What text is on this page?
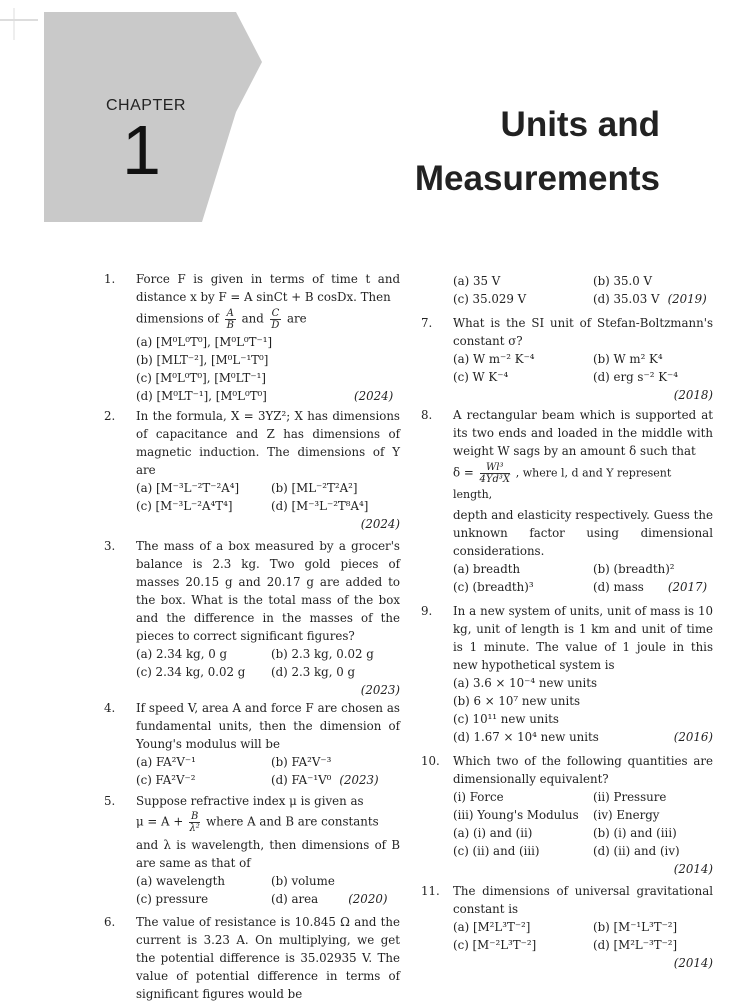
CHAPTER
1	Units and
Measurements
1.	Force F is given in terms of time t and distance x by F = A sinCt + B cosDx. Then

dimensions of $\frac{A}{B}$ and $\frac{C}{D}$ are
(a) [M⁰L⁰T⁰], [M⁰L⁰T⁻¹]
(b) [MLT⁻²], [M⁰L⁻¹T⁰]
(c) [M⁰L⁰T⁰], [M⁰LT⁻¹]
(d) [M⁰LT⁻¹], [M⁰L⁰T⁰]	(2024)
2.	In the formula, X = 3YZ²; X has dimensions of capacitance and Z has dimensions of magnetic induction. The dimensions of Y are

(a) [M⁻³L⁻²T⁻²A⁴]	(b) [ML⁻²T²A²]
(c) [M⁻³L⁻²A⁴T⁴]	(d) [M⁻³L⁻²T⁸A⁴]
(2024)
3.	The mass of a box measured by a grocer's balance is 2.3 kg. Two gold pieces of masses 20.15 g and 20.17 g are added to the box. What is the total mass of the box and the difference in the masses of the pieces to correct significant figures?

(a) 2.34 kg, 0 g	(b) 2.3 kg, 0.02 g
(c) 2.34 kg, 0.02 g	(d) 2.3 kg, 0 g
(2023)
4.	If speed V, area A and force F are chosen as fundamental units, then the dimension of Young's modulus will be

(a) FA²V⁻¹	(b) FA²V⁻³
(c) FA²V⁻²	(d) FA⁻¹V⁰ (2023)
5.	Suppose refractive index μ is given as

$\mu = A + \frac{B}{\text{λ²}}$ where A and B are constants

and λ is wavelength, then dimensions of B are same as that of

(a) wavelength	(b) volume
(c) pressure	(d) area	(2020)
6.	The value of resistance is 10.845 Ω and the current is 3.23 A. On multiplying, we get the potential difference is 35.02935 V. The value of potential difference in terms of significant figures would be

(a) 35 V	(b) 35.0 V
(c) 35.029 V	(d) 35.03 V (2019)
7.	What is the SI unit of Stefan-Boltzmann's constant σ?

(a) W m⁻² K⁻⁴	(b) W m² K⁴
(c) W K⁻⁴	(d) erg s⁻² K⁻⁴
(2018)
8.	A rectangular beam which is supported at its two ends and loaded in the middle with weight W sags by an amount δ such that

$\delta = \frac{\text{Wl³}}{\text{4Yd³X}}$ , where l, d and Y represent length,

depth and elasticity respectively. Guess the unknown factor using dimensional considerations.

(a) breadth	(b) (breadth)²
(c) (breadth)³	(d) mass (2017)
9.	In a new system of units, unit of mass is 10 kg, unit of length is 1 km and unit of time is 1 minute. The value of 1 joule in this new hypothetical system is

(a) 3.6 × 10⁻⁴ new units
(b) 6 × 10⁷ new units
(c) 10¹¹ new units
(d) 1.67 × 10⁴ new units	(2016)
10.	Which two of the following quantities are dimensionally equivalent?

(i) Force	(ii) Pressure
(iii) Young's Modulus	(iv) Energy
(a) (i) and (ii)	(b) (i) and (iii)
(c) (ii) and (iii)	(d) (ii) and (iv)
(2014)
11.	The dimensions of universal gravitational constant is

(a) [M²L³T⁻²]	(b) [M⁻¹L³T⁻²]
(c) [M⁻²L³T⁻²]	(d) [M²L⁻³T⁻²]
(2014)
